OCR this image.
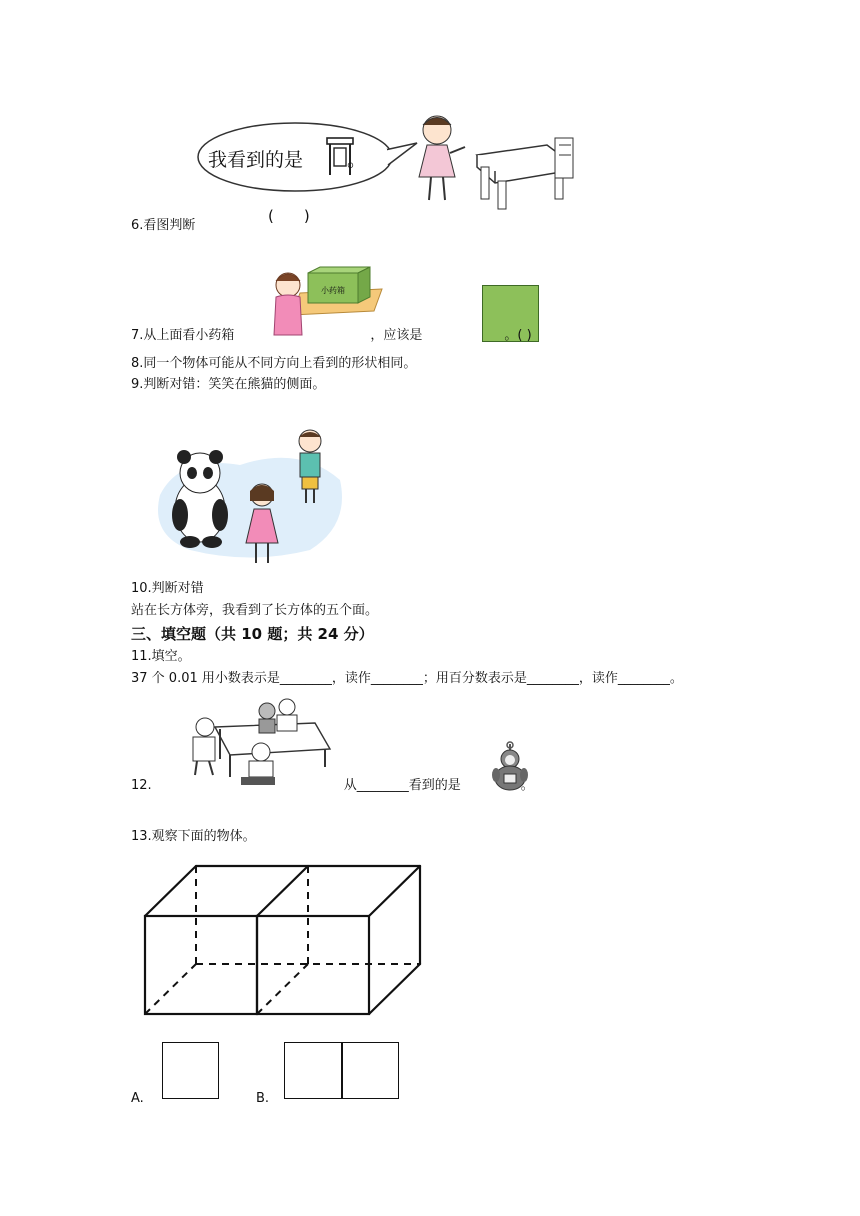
我看到的是 。
(　　)
6.看图判断
小药箱
7.从上面看小药箱	，应该是	。( )
8.同一个物体可能从不同方向上看到的形状相同。
9.判断对错：笑笑在熊猫的侧面。
10.判断对错
站在长方体旁，我看到了长方体的五个面。
三、填空题（共 10 题；共 24 分）
11.填空。
37 个 0.01 用小数表示是________，读作________；用百分数表示是________，读作________。
12.	从________看到的是	。
13.观察下面的物体。
A.	B.
